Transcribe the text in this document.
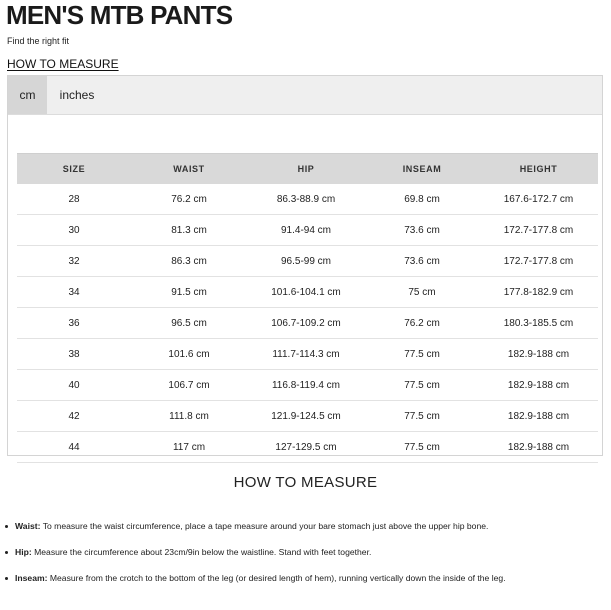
MEN'S MTB PANTS
Find the right fit
HOW TO MEASURE
cm	inches
SIZE	WAIST	HIP	INSEAM	HEIGHT
28	76.2 cm	86.3-88.9 cm	69.8 cm	167.6-172.7 cm
30	81.3 cm	91.4-94 cm	73.6 cm	172.7-177.8 cm
32	86.3 cm	96.5-99 cm	73.6 cm	172.7-177.8 cm
34	91.5 cm	101.6-104.1 cm	75 cm	177.8-182.9 cm
36	96.5 cm	106.7-109.2 cm	76.2 cm	180.3-185.5 cm
38	101.6 cm	111.7-114.3 cm	77.5 cm	182.9-188 cm
40	106.7 cm	116.8-119.4 cm	77.5 cm	182.9-188 cm
42	111.8 cm	121.9-124.5 cm	77.5 cm	182.9-188 cm
44	117 cm	127-129.5 cm	77.5 cm	182.9-188 cm
HOW TO MEASURE
Waist: To measure the waist circumference, place a tape measure around your bare stomach just above the upper hip bone.
Hip: Measure the circumference about 23cm/9in below the waistline. Stand with feet together.
Inseam: Measure from the crotch to the bottom of the leg (or desired length of hem), running vertically down the inside of the leg.
